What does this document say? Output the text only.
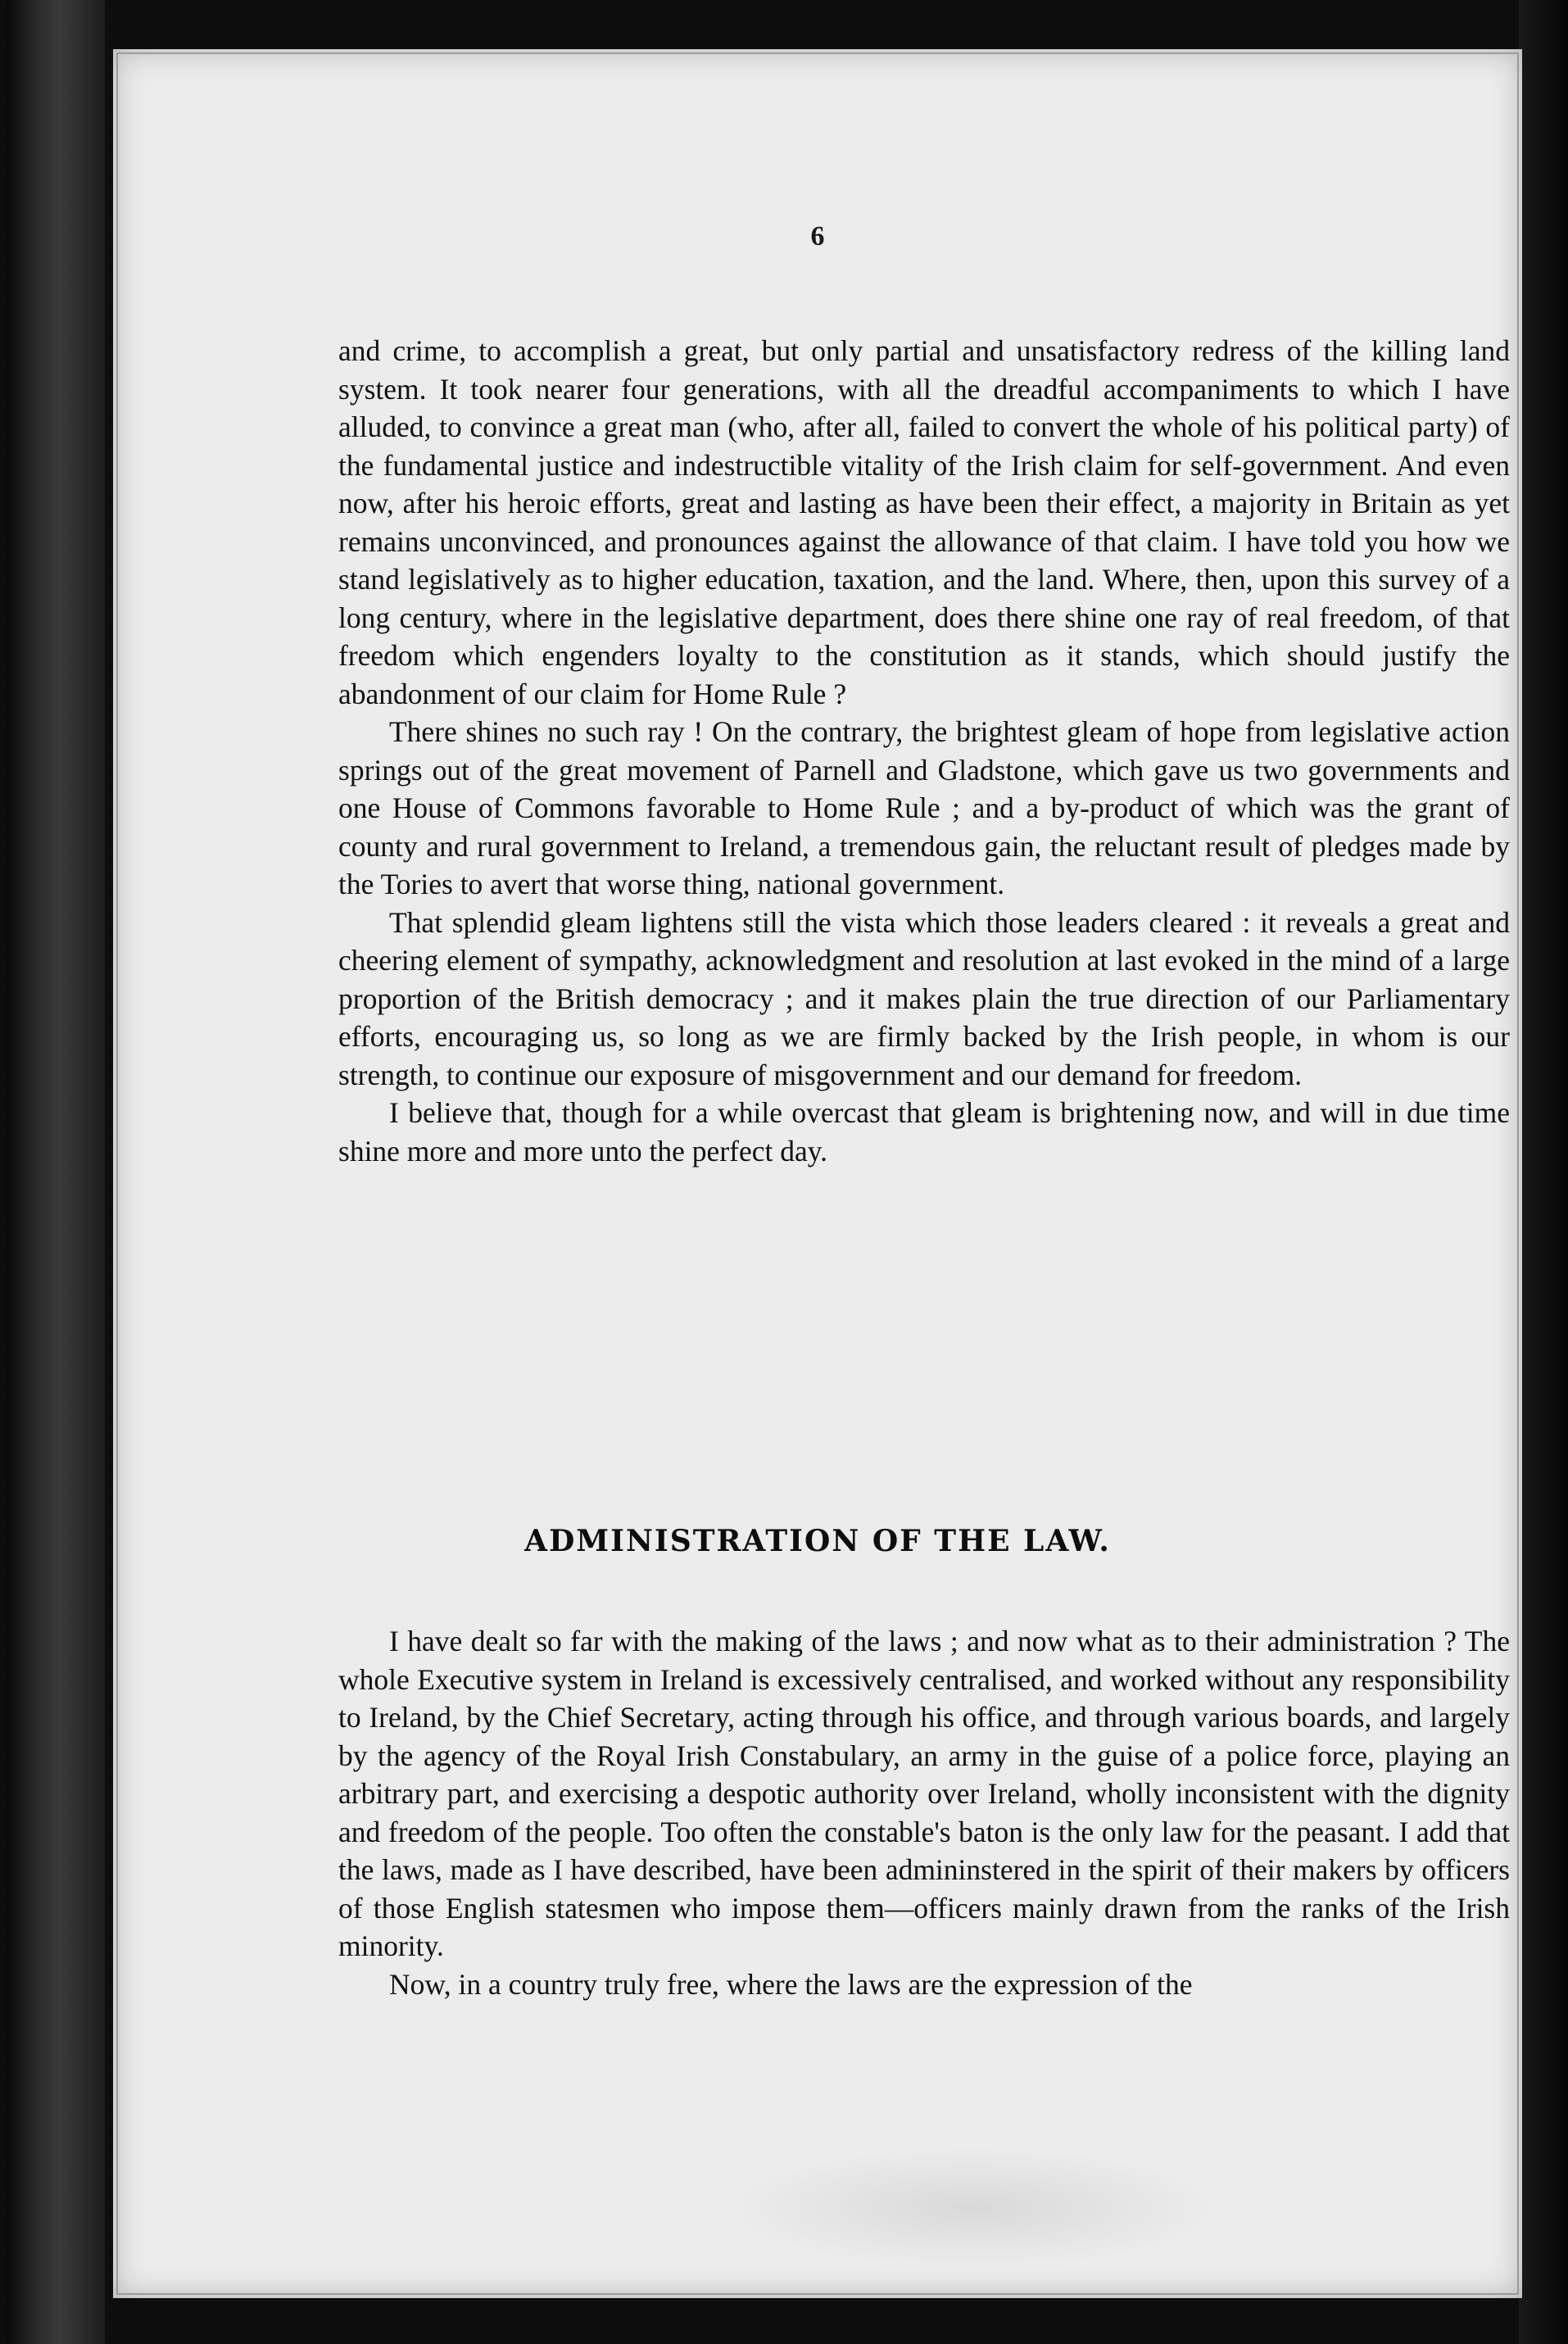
6

and crime, to accomplish a great, but only partial and unsatisfactory redress of the killing land system. It took nearer four generations, with all the dreadful accompaniments to which I have alluded, to convince a great man (who, after all, failed to convert the whole of his political party) of the fundamental justice and indestructible vitality of the Irish claim for self-government. And even now, after his heroic efforts, great and lasting as have been their effect, a majority in Britain as yet remains unconvinced, and pronounces against the allowance of that claim. I have told you how we stand legislatively as to higher education, taxation, and the land. Where, then, upon this survey of a long century, where in the legislative department, does there shine one ray of real freedom, of that freedom which engenders loyalty to the constitution as it stands, which should justify the abandonment of our claim for Home Rule ?

There shines no such ray ! On the contrary, the brightest gleam of hope from legislative action springs out of the great movement of Parnell and Gladstone, which gave us two governments and one House of Commons favorable to Home Rule ; and a by-product of which was the grant of county and rural government to Ireland, a tremendous gain, the reluctant result of pledges made by the Tories to avert that worse thing, national government.

That splendid gleam lightens still the vista which those leaders cleared : it reveals a great and cheering element of sympathy, acknowledgment and resolution at last evoked in the mind of a large proportion of the British democracy ; and it makes plain the true direction of our Parliamentary efforts, encouraging us, so long as we are firmly backed by the Irish people, in whom is our strength, to continue our exposure of misgovernment and our demand for freedom.

I believe that, though for a while overcast that gleam is brightening now, and will in due time shine more and more unto the perfect day.

ADMINISTRATION OF THE LAW.

I have dealt so far with the making of the laws ; and now what as to their administration ? The whole Executive system in Ireland is excessively centralised, and worked without any responsibility to Ireland, by the Chief Secretary, acting through his office, and through various boards, and largely by the agency of the Royal Irish Constabulary, an army in the guise of a police force, playing an arbitrary part, and exercising a despotic authority over Ireland, wholly inconsistent with the dignity and freedom of the people. Too often the constable's baton is the only law for the peasant. I add that the laws, made as I have described, have been admininstered in the spirit of their makers by officers of those English statesmen who impose them—officers mainly drawn from the ranks of the Irish minority.

Now, in a country truly free, where the laws are the expression of the
